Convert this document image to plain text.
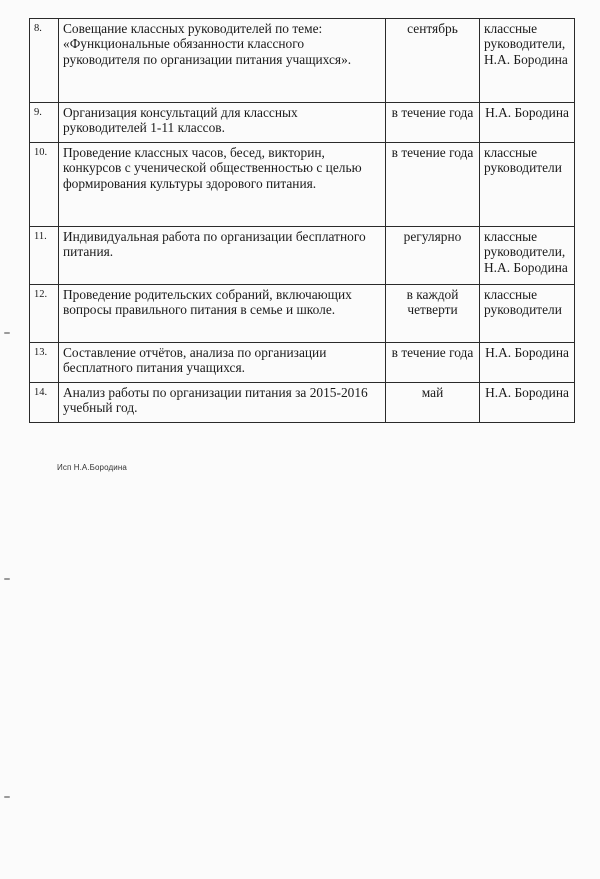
8.	Совещание классных руководителей по теме: «Функциональные обязанности классного руководителя по организации питания учащихся».	сентябрь	классные руководители, Н.А. Бородина
9.	Организация консультаций для классных руководителей 1-11 классов.	в течение года	Н.А. Бородина
10.	Проведение классных часов, бесед, викторин, конкурсов с ученической общественностью с целью формирования культуры здорового питания.	в течение года	классные руководители
11.	Индивидуальная работа по организации бесплатного питания.	регулярно	классные руководители, Н.А. Бородина
12.	Проведение родительских собраний, включающих вопросы правильного питания в семье и школе.	в каждой четверти	классные руководители
13.	Составление отчётов, анализа по организации бесплатного питания учащихся.	в течение года	Н.А. Бородина
14.	Анализ работы по организации питания за 2015-2016 учебный год.	май	Н.А. Бородина
Исп Н.А.Бородина
